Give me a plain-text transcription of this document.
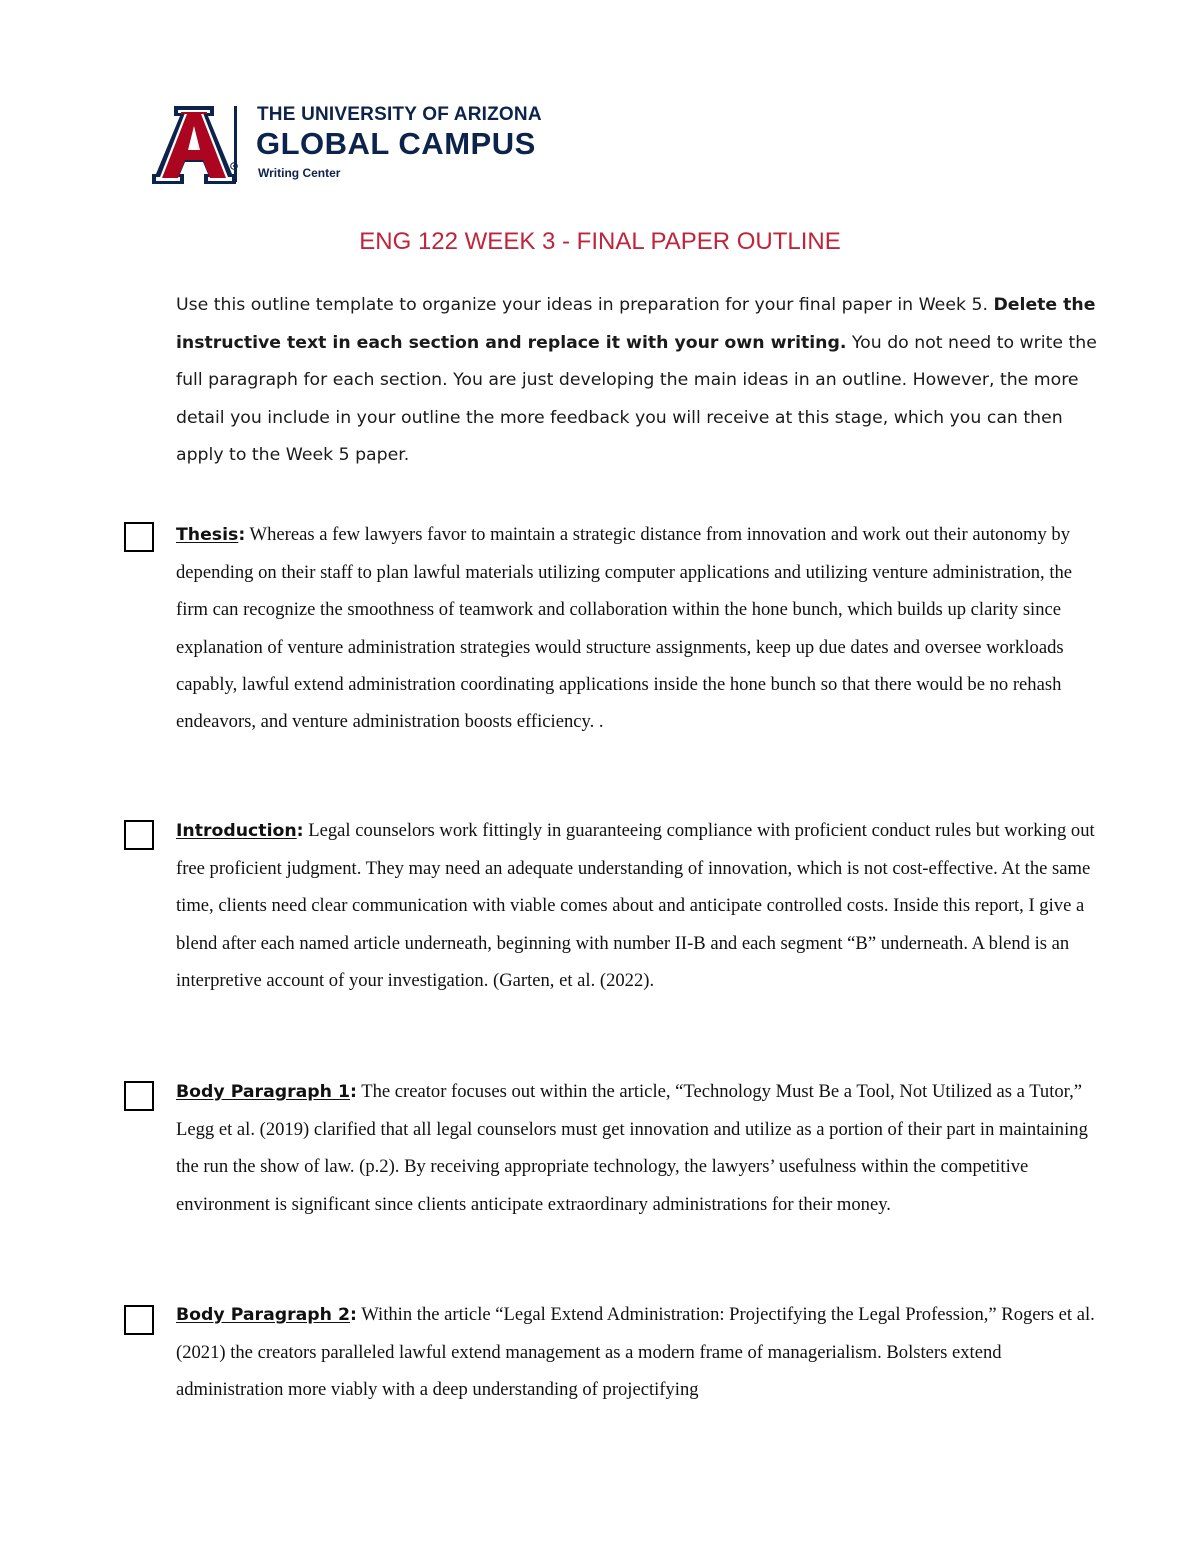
THE UNIVERSITY OF ARIZONA
GLOBAL CAMPUS
Writing Center
ENG 122 WEEK 3 - FINAL PAPER OUTLINE
Use this outline template to organize your ideas in preparation for your final paper in Week 5. Delete the instructive text in each section and replace it with your own writing. You do not need to write the full paragraph for each section. You are just developing the main ideas in an outline. However, the more detail you include in your outline the more feedback you will receive at this stage, which you can then apply to the Week 5 paper.
Thesis: Whereas a few lawyers favor to maintain a strategic distance from innovation and work out their autonomy by depending on their staff to plan lawful materials utilizing computer applications and utilizing venture administration, the firm can recognize the smoothness of teamwork and collaboration within the hone bunch, which builds up clarity since explanation of venture administration strategies would structure assignments, keep up due dates and oversee workloads capably, lawful extend administration coordinating applications inside the hone bunch so that there would be no rehash endeavors, and venture administration boosts efficiency. .
Introduction: Legal counselors work fittingly in guaranteeing compliance with proficient conduct rules but working out free proficient judgment. They may need an adequate understanding of innovation, which is not cost-effective. At the same time, clients need clear communication with viable comes about and anticipate controlled costs. Inside this report, I give a blend after each named article underneath, beginning with number II-B and each segment “B” underneath. A blend is an interpretive account of your investigation. (Garten, et al. (2022).
Body Paragraph 1: The creator focuses out within the article, “Technology Must Be a Tool, Not Utilized as a Tutor,” Legg et al. (2019) clarified that all legal counselors must get innovation and utilize as a portion of their part in maintaining the run the show of law. (p.2). By receiving appropriate technology, the lawyers’ usefulness within the competitive environment is significant since clients anticipate extraordinary administrations for their money.
Body Paragraph 2: Within the article “Legal Extend Administration: Projectifying the Legal Profession,” Rogers et al. (2021) the creators paralleled lawful extend management as a modern frame of managerialism. Bolsters extend administration more viably with a deep understanding of projectifying
